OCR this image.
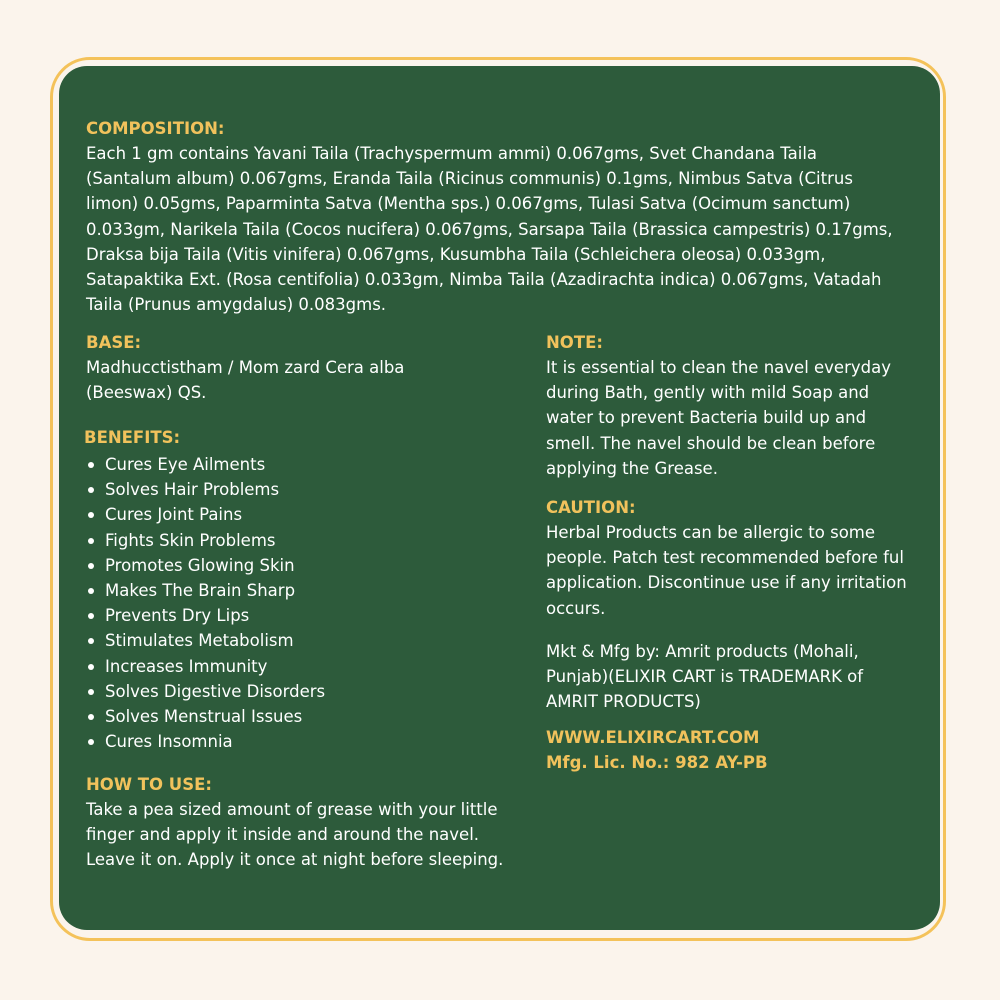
COMPOSITION:
Each 1 gm contains Yavani Taila (Trachyspermum ammi) 0.067gms, Svet Chandana Taila
(Santalum album) 0.067gms, Eranda Taila (Ricinus communis) 0.1gms, Nimbus Satva (Citrus
limon) 0.05gms, Paparminta Satva (Mentha sps.) 0.067gms, Tulasi Satva (Ocimum sanctum)
0.033gm, Narikela Taila (Cocos nucifera) 0.067gms, Sarsapa Taila (Brassica campestris) 0.17gms,
Draksa bija Taila (Vitis vinifera) 0.067gms, Kusumbha Taila (Schleichera oleosa) 0.033gm,
Satapaktika Ext. (Rosa centifolia) 0.033gm, Nimba Taila (Azadirachta indica) 0.067gms, Vatadah
Taila (Prunus amygdalus) 0.083gms.
BASE:
Madhucctistham / Mom zard Cera alba
(Beeswax) QS.
BENEFITS:
Cures Eye Ailments
Solves Hair Problems
Cures Joint Pains
Fights Skin Problems
Promotes Glowing Skin
Makes The Brain Sharp
Prevents Dry Lips
Stimulates Metabolism
Increases Immunity
Solves Digestive Disorders
Solves Menstrual Issues
Cures Insomnia
HOW TO USE:
Take a pea sized amount of grease with your little
finger and apply it inside and around the navel.
Leave it on. Apply it once at night before sleeping.
NOTE:
It is essential to clean the navel everyday
during Bath, gently with mild Soap and
water to prevent Bacteria build up and
smell. The navel should be clean before
applying the Grease.
CAUTION:
Herbal Products can be allergic to some
people. Patch test recommended before ful
application. Discontinue use if any irritation
occurs.
Mkt & Mfg by: Amrit products (Mohali,
Punjab)(ELIXIR CART is TRADEMARK of
AMRIT PRODUCTS)
WWW.ELIXIRCART.COM
Mfg. Lic. No.: 982 AY-PB
